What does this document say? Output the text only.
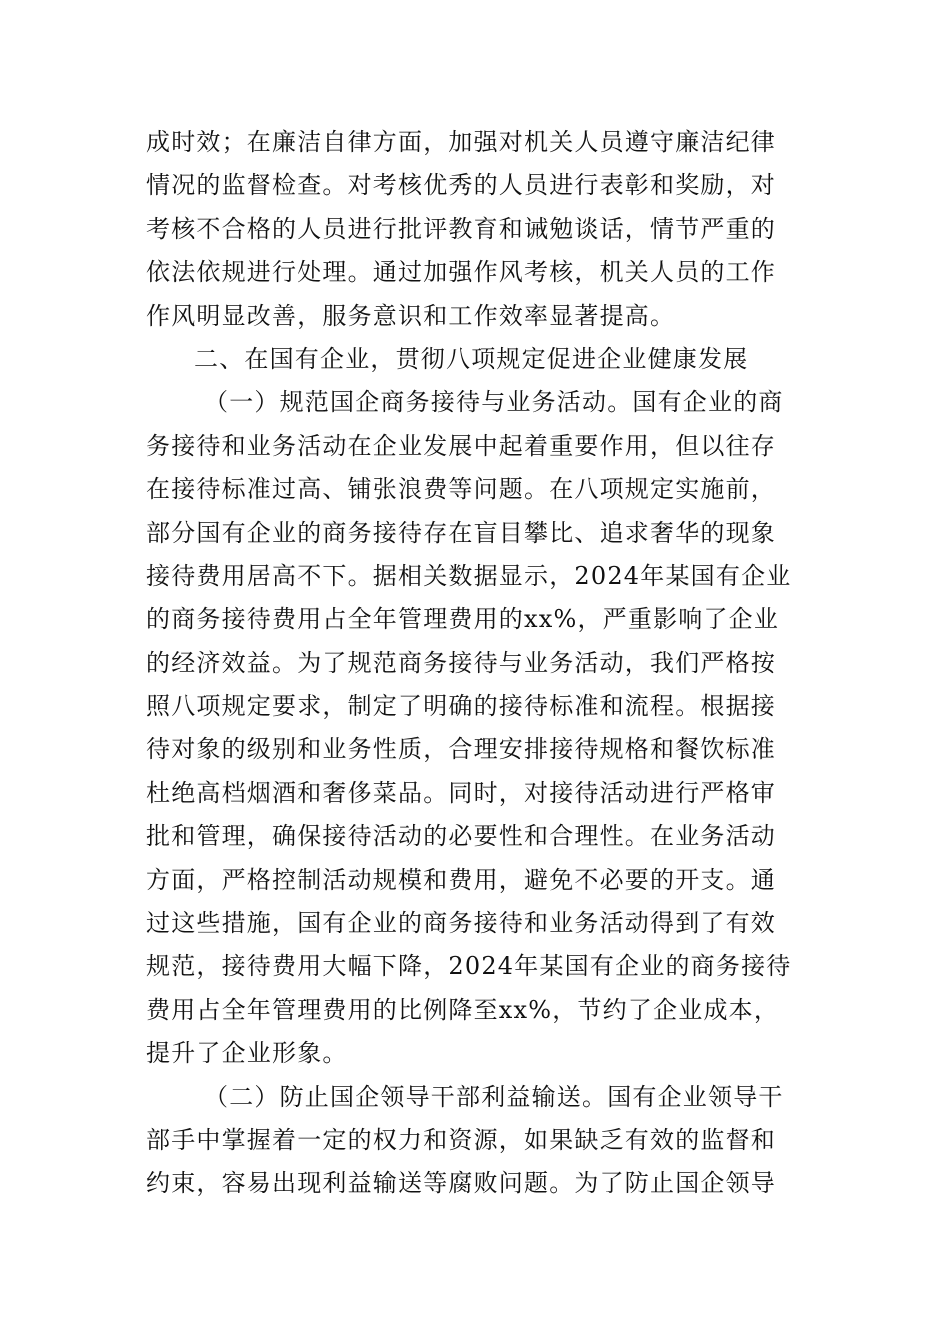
成时效；在廉洁自律方面，加强对机关人员遵守廉洁纪律
情况的监督检查。对考核优秀的人员进行表彰和奖励，对
考核不合格的人员进行批评教育和诫勉谈话，情节严重的
依法依规进行处理。通过加强作风考核，机关人员的工作
作风明显改善，服务意识和工作效率显著提高。
二、在国有企业，贯彻八项规定促进企业健康发展
（一）规范国企商务接待与业务活动。国有企业的商
务接待和业务活动在企业发展中起着重要作用，但以往存
在接待标准过高、铺张浪费等问题。在八项规定实施前，
部分国有企业的商务接待存在盲目攀比、追求奢华的现象
接待费用居高不下。据相关数据显示，2024年某国有企业
的商务接待费用占全年管理费用的xx%，严重影响了企业
的经济效益。为了规范商务接待与业务活动，我们严格按
照八项规定要求，制定了明确的接待标准和流程。根据接
待对象的级别和业务性质，合理安排接待规格和餐饮标准
杜绝高档烟酒和奢侈菜品。同时，对接待活动进行严格审
批和管理，确保接待活动的必要性和合理性。在业务活动
方面，严格控制活动规模和费用，避免不必要的开支。通
过这些措施，国有企业的商务接待和业务活动得到了有效
规范，接待费用大幅下降，2024年某国有企业的商务接待
费用占全年管理费用的比例降至xx%，节约了企业成本，
提升了企业形象。
（二）防止国企领导干部利益输送。国有企业领导干
部手中掌握着一定的权力和资源，如果缺乏有效的监督和
约束，容易出现利益输送等腐败问题。为了防止国企领导
